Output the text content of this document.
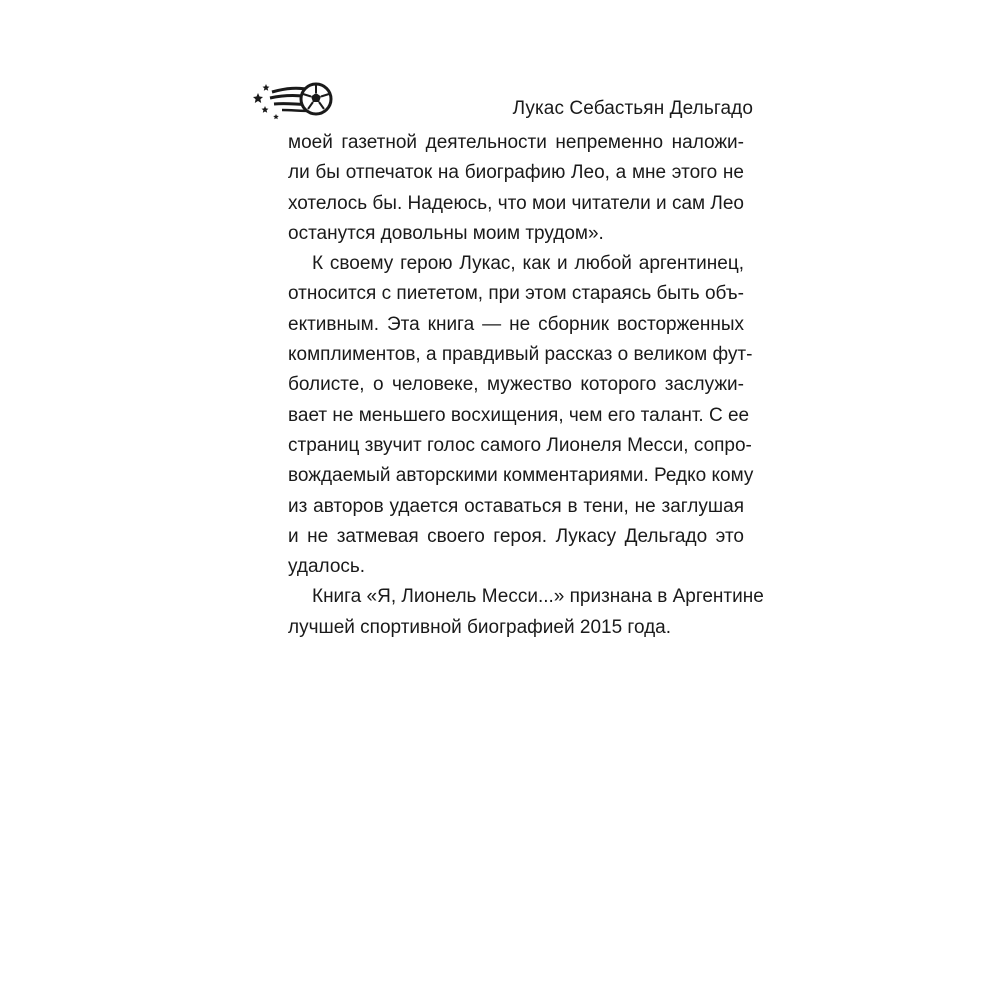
Лукас Себастьян Дельгадо
моей газетной деятельности непременно наложи-
ли бы отпечаток на биографию Лео, а мне этого не
хотелось бы. Надеюсь, что мои читатели и сам Лео
останутся довольны моим трудом».
К своему герою Лукас, как и любой аргентинец,
относится с пиететом, при этом стараясь быть объ-
ективным. Эта книга — не сборник восторженных
комплиментов, а правдивый рассказ о великом фут-
болисте, о человеке, мужество которого заслужи-
вает не меньшего восхищения, чем его талант. С ее
страниц звучит голос самого Лионеля Месси, сопро-
вождаемый авторскими комментариями. Редко кому
из авторов удается оставаться в тени, не заглушая
и не затмевая своего героя. Лукасу Дельгадо это
удалось.
Книга «Я, Лионель Месси...» признана в Аргентине
лучшей спортивной биографией 2015 года.
